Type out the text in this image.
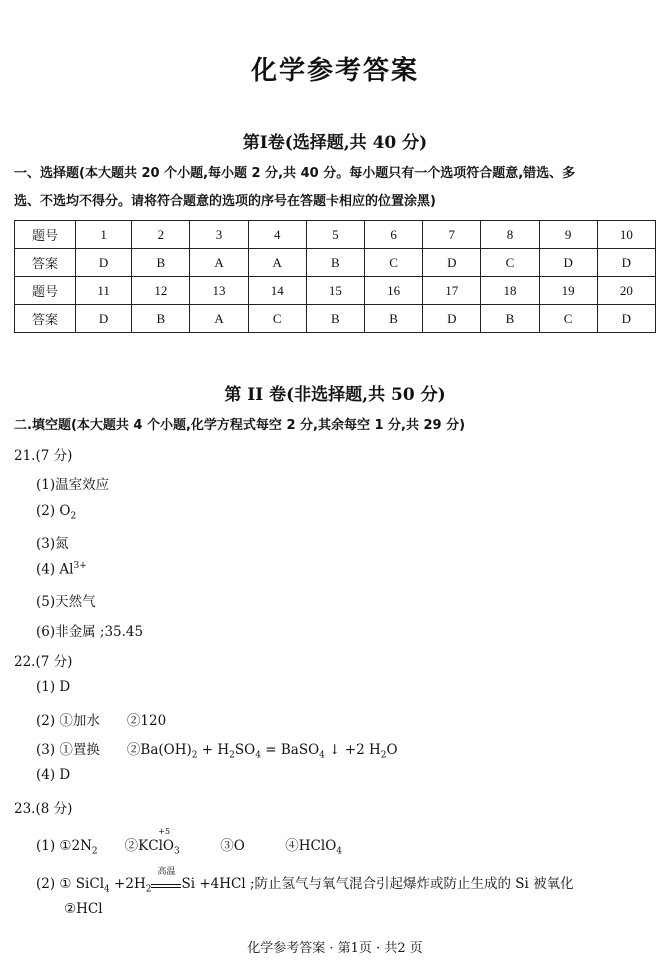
化学参考答案
第Ⅰ卷(选择题,共 40 分)
一、选择题(本大题共 20 个小题,每小题 2 分,共 40 分。每小题只有一个选项符合题意,错选、多
选、不选均不得分。请将符合题意的选项的序号在答题卡相应的位置涂黑)
题号	1	2	3	4	5	6	7	8	9	10
答案	D	B	A	A	B	C	D	C	D	D
题号	11	12	13	14	15	16	17	18	19	20
答案	D	B	A	C	B	B	D	B	C	D
第 II 卷(非选择题,共 50 分)
二.填空题(本大题共 4 个小题,化学方程式每空 2 分,其余每空 1 分,共 29 分)
21.(7 分)
(1)温室效应
(2) $O_2$
(3)氮
(4) $Al^{3+}$
(5)天然气
(6)非金属 ;35.45
22.(7 分)
(1) D
(2) ①加水　　②120
(3) ①置换　　$②Ba(OH)_2 + H_2SO_4$ = BaSO$_4$ ↓ +2 $H_2O$
(4) D
23.(8 分)
(1) $①2N_2$　　②K
+5
ClO$_3$　　　③O　　　④HClO$_4$
(2) ① SiCl$_4$ $+2H_2$
高温
Si +4HCl ;防止氢气与氧气混合引起爆炸或防止生成的 Si 被氧化
②HCl
化学参考答案 · 第1页 · 共2 页
